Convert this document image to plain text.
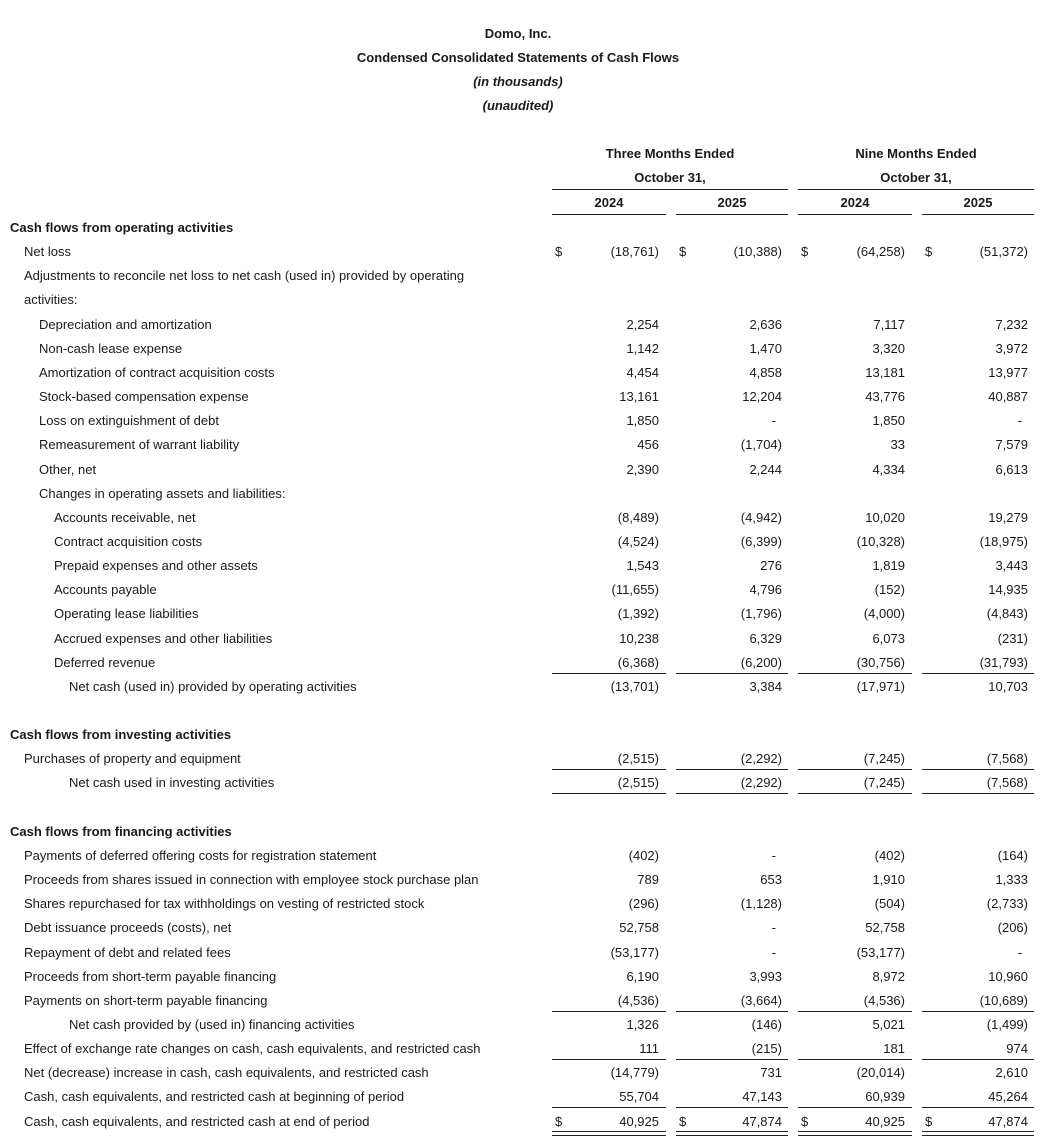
Domo, Inc.
Condensed Consolidated Statements of Cash Flows
(in thousands)
(unaudited)
Three Months Ended
October 31,
Nine Months Ended
October 31,
2024	2025	2024	2025
Cash flows from operating activities
Net loss	$	(18,761) $	(10,388) $	(64,258) $	(51,372)
Adjustments to reconcile net loss to net cash (used in) provided by operating
activities:
Depreciation and amortization	2,254	2,636	7,117	7,232
Non-cash lease expense	1,142	1,470	3,320	3,972
Amortization of contract acquisition costs	4,454	4,858	13,181	13,977
Stock-based compensation expense	13,161	12,204	43,776	40,887
Loss on extinguishment of debt	1,850	-	1,850	-
Remeasurement of warrant liability	456	(1,704)	33	7,579
Other, net	2,390	2,244	4,334	6,613
Changes in operating assets and liabilities:
Accounts receivable, net	(8,489)	(4,942)	10,020	19,279
Contract acquisition costs	(4,524)	(6,399)	(10,328)	(18,975)
Prepaid expenses and other assets	1,543	276	1,819	3,443
Accounts payable	(11,655)	4,796	(152)	14,935
Operating lease liabilities	(1,392)	(1,796)	(4,000)	(4,843)
Accrued expenses and other liabilities	10,238	6,329	6,073	(231)
Deferred revenue	(6,368)	(6,200)	(30,756)	(31,793)
Net cash (used in) provided by operating activities	(13,701)	3,384	(17,971)	10,703
Cash flows from investing activities
Purchases of property and equipment	(2,515)	(2,292)	(7,245)	(7,568)
Net cash used in investing activities	(2,515)	(2,292)	(7,245)	(7,568)
Cash flows from financing activities
Payments of deferred offering costs for registration statement	(402)	-	(402)	(164)
Proceeds from shares issued in connection with employee stock purchase plan	789	653	1,910	1,333
Shares repurchased for tax withholdings on vesting of restricted stock	(296)	(1,128)	(504)	(2,733)
Debt issuance proceeds (costs), net	52,758	-	52,758	(206)
Repayment of debt and related fees	(53,177)	-	(53,177)	-
Proceeds from short-term payable financing	6,190	3,993	8,972	10,960
Payments on short-term payable financing	(4,536)	(3,664)	(4,536)	(10,689)
Net cash provided by (used in) financing activities	1,326	(146)	5,021	(1,499)
Effect of exchange rate changes on cash, cash equivalents, and restricted cash	111	(215)	181	974
Net (decrease) increase in cash, cash equivalents, and restricted cash	(14,779)	731	(20,014)	2,610
Cash, cash equivalents, and restricted cash at beginning of period	55,704	47,143	60,939	45,264
Cash, cash equivalents, and restricted cash at end of period	$	40,925 $	47,874 $	40,925 $	47,874
